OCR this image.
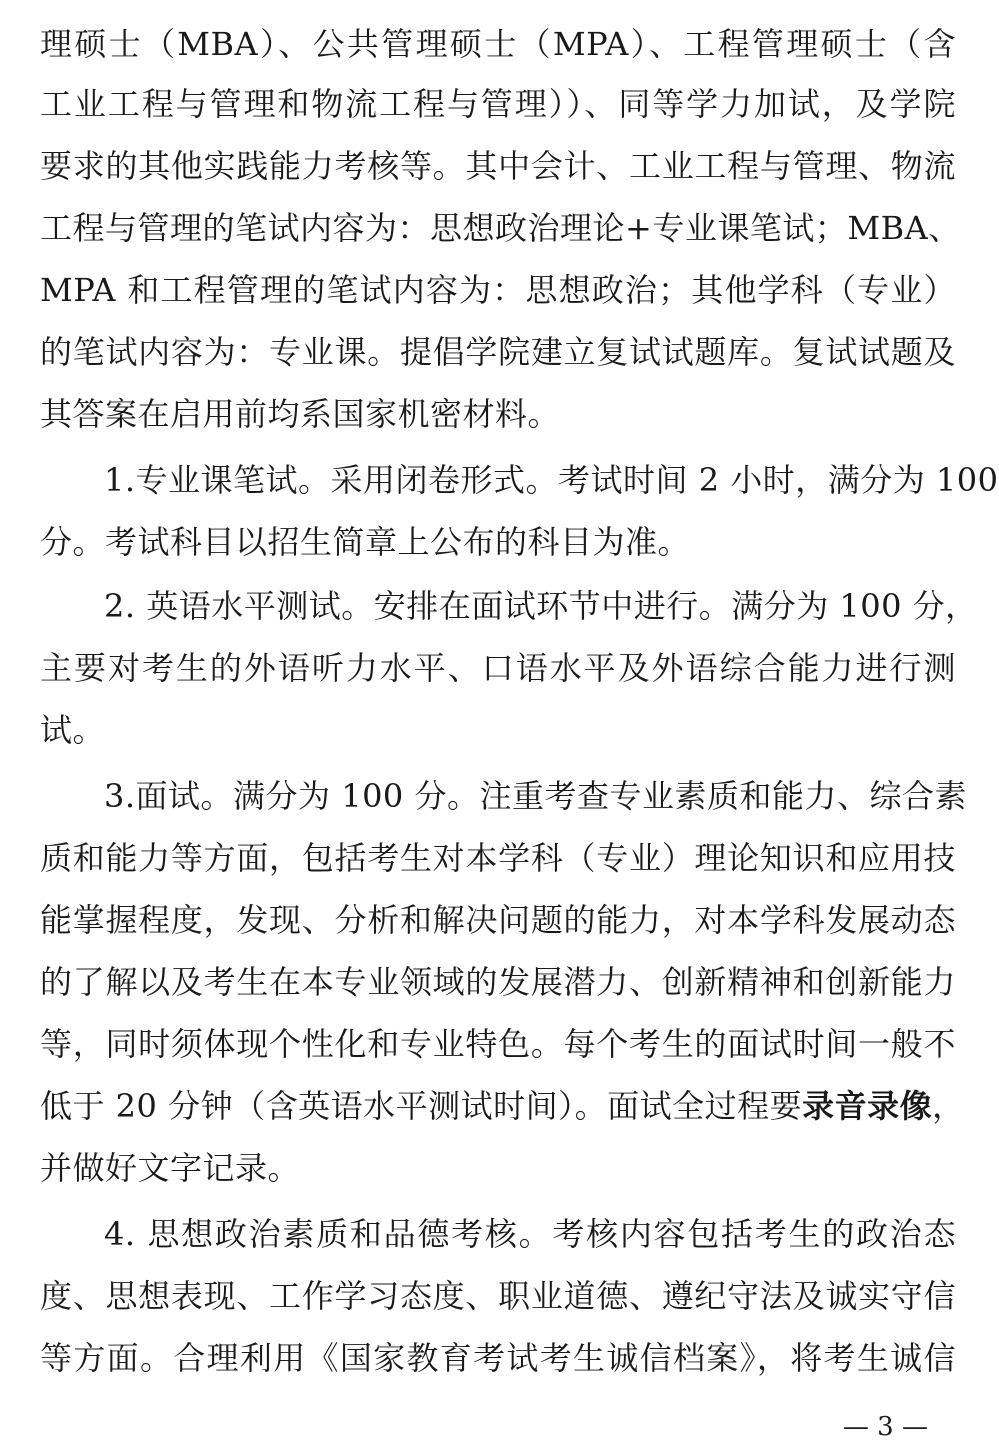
理硕士（MBA）、公共管理硕士（MPA）、工程管理硕士（含
工业工程与管理和物流工程与管理））、同等学力加试，及学院
要求的其他实践能力考核等。其中会计、工业工程与管理、物流
工程与管理的笔试内容为：思想政治理论+专业课笔试；MBA、
MPA 和工程管理的笔试内容为：思想政治；其他学科（专业）
的笔试内容为：专业课。提倡学院建立复试试题库。复试试题及
其答案在启用前均系国家机密材料。
1.专业课笔试。采用闭卷形式。考试时间 2 小时，满分为 100
分。考试科目以招生简章上公布的科目为准。
2. 英语水平测试。安排在面试环节中进行。满分为 100 分，
主要对考生的外语听力水平、口语水平及外语综合能力进行测
试。
3.面试。满分为 100 分。注重考查专业素质和能力、综合素
质和能力等方面，包括考生对本学科（专业）理论知识和应用技
能掌握程度，发现、分析和解决问题的能力，对本学科发展动态
的了解以及考生在本专业领域的发展潜力、创新精神和创新能力
等，同时须体现个性化和专业特色。每个考生的面试时间一般不
低于 20 分钟（含英语水平测试时间）。面试全过程要录音录像，
并做好文字记录。
4. 思想政治素质和品德考核。考核内容包括考生的政治态
度、思想表现、工作学习态度、职业道德、遵纪守法及诚实守信
等方面。合理利用《国家教育考试考生诚信档案》，将考生诚信
— 3 —
